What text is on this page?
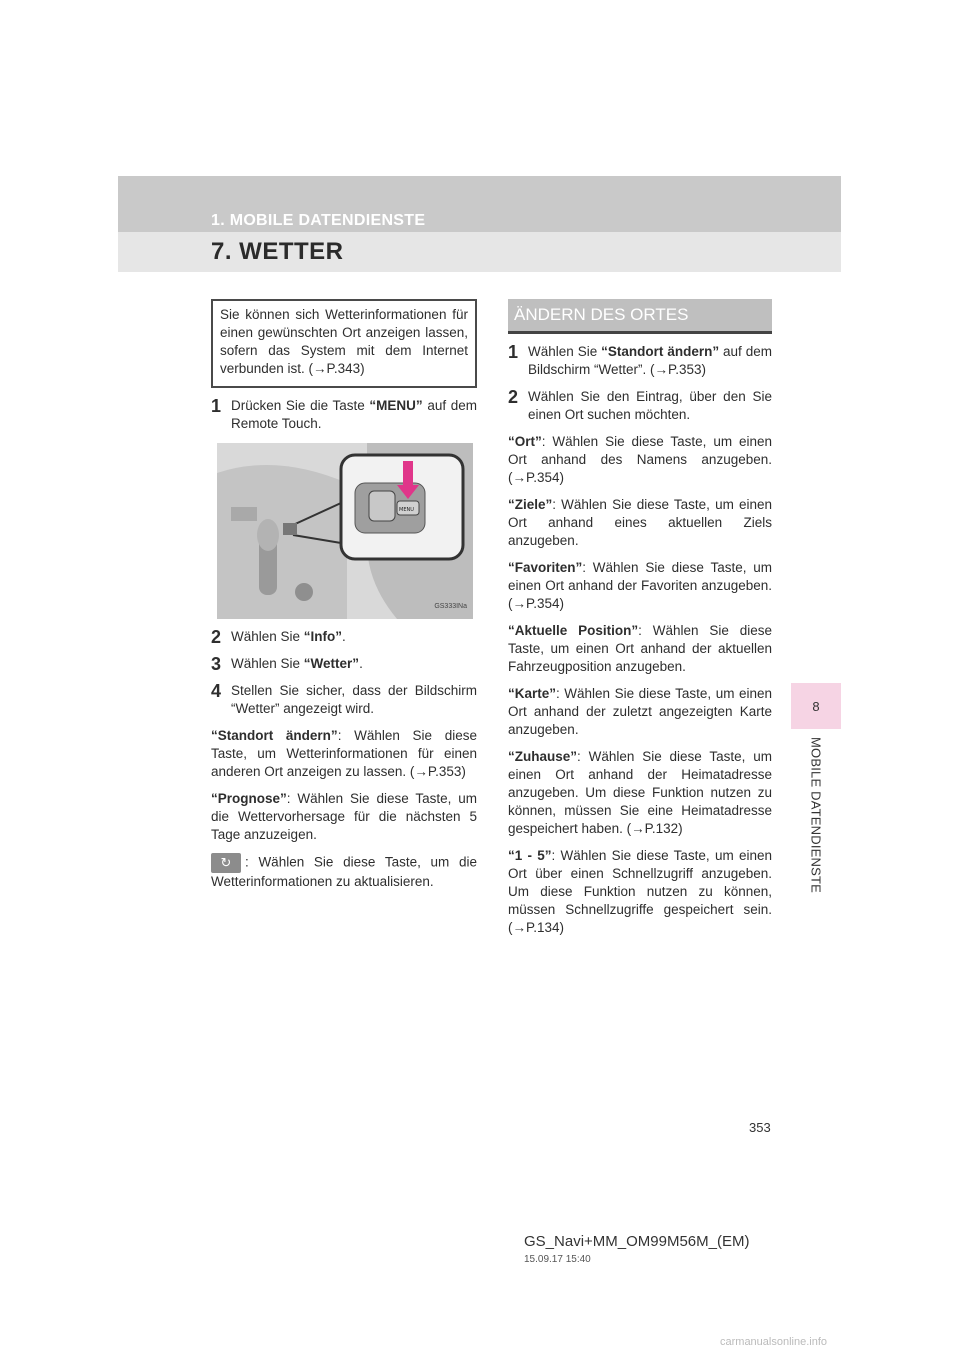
1. MOBILE DATENDIENSTE
7. WETTER
8
MOBILE DATENDIENSTE
Sie können sich Wetterinformationen für einen gewünschten Ort anzeigen lassen, sofern das System mit dem Internet verbunden ist. (→P.343)
1 Drücken Sie die Taste “MENU” auf dem Remote Touch.
MENU
GS333INa
2 Wählen Sie “Info”.
3 Wählen Sie “Wetter”.
4 Stellen Sie sicher, dass der Bildschirm “Wetter” angezeigt wird.
“Standort ändern”: Wählen Sie diese Taste, um Wetterinformationen für einen anderen Ort anzeigen zu lassen. (→P.353)
“Prognose”: Wählen Sie diese Taste, um die Wettervorhersage für die nächsten 5 Tage anzuzeigen.
↻ : Wählen Sie diese Taste, um die Wetterinformationen zu aktualisieren.
ÄNDERN DES ORTES
1 Wählen Sie “Standort ändern” auf dem Bildschirm “Wetter”. (→P.353)
2 Wählen Sie den Eintrag, über den Sie einen Ort suchen möchten.
“Ort”: Wählen Sie diese Taste, um einen Ort anhand des Namens anzugeben. (→P.354)
“Ziele”: Wählen Sie diese Taste, um einen Ort anhand eines aktuellen Ziels anzugeben.
“Favoriten”: Wählen Sie diese Taste, um einen Ort anhand der Favoriten anzugeben. (→P.354)
“Aktuelle Position”: Wählen Sie diese Taste, um einen Ort anhand der aktuellen Fahrzeugposition anzugeben.
“Karte”: Wählen Sie diese Taste, um einen Ort anhand der zuletzt angezeigten Karte anzugeben.
“Zuhause”: Wählen Sie diese Taste, um einen Ort anhand der Heimatadresse anzugeben. Um diese Funktion nutzen zu können, müssen Sie eine Heimatadresse gespeichert haben. (→P.132)
“1 - 5”: Wählen Sie diese Taste, um einen Ort über einen Schnellzugriff anzugeben. Um diese Funktion nutzen zu können, müssen Schnellzugriffe gespeichert sein. (→P.134)
353
GS_Navi+MM_OM99M56M_(EM)
15.09.17 15:40
carmanualsonline.info
